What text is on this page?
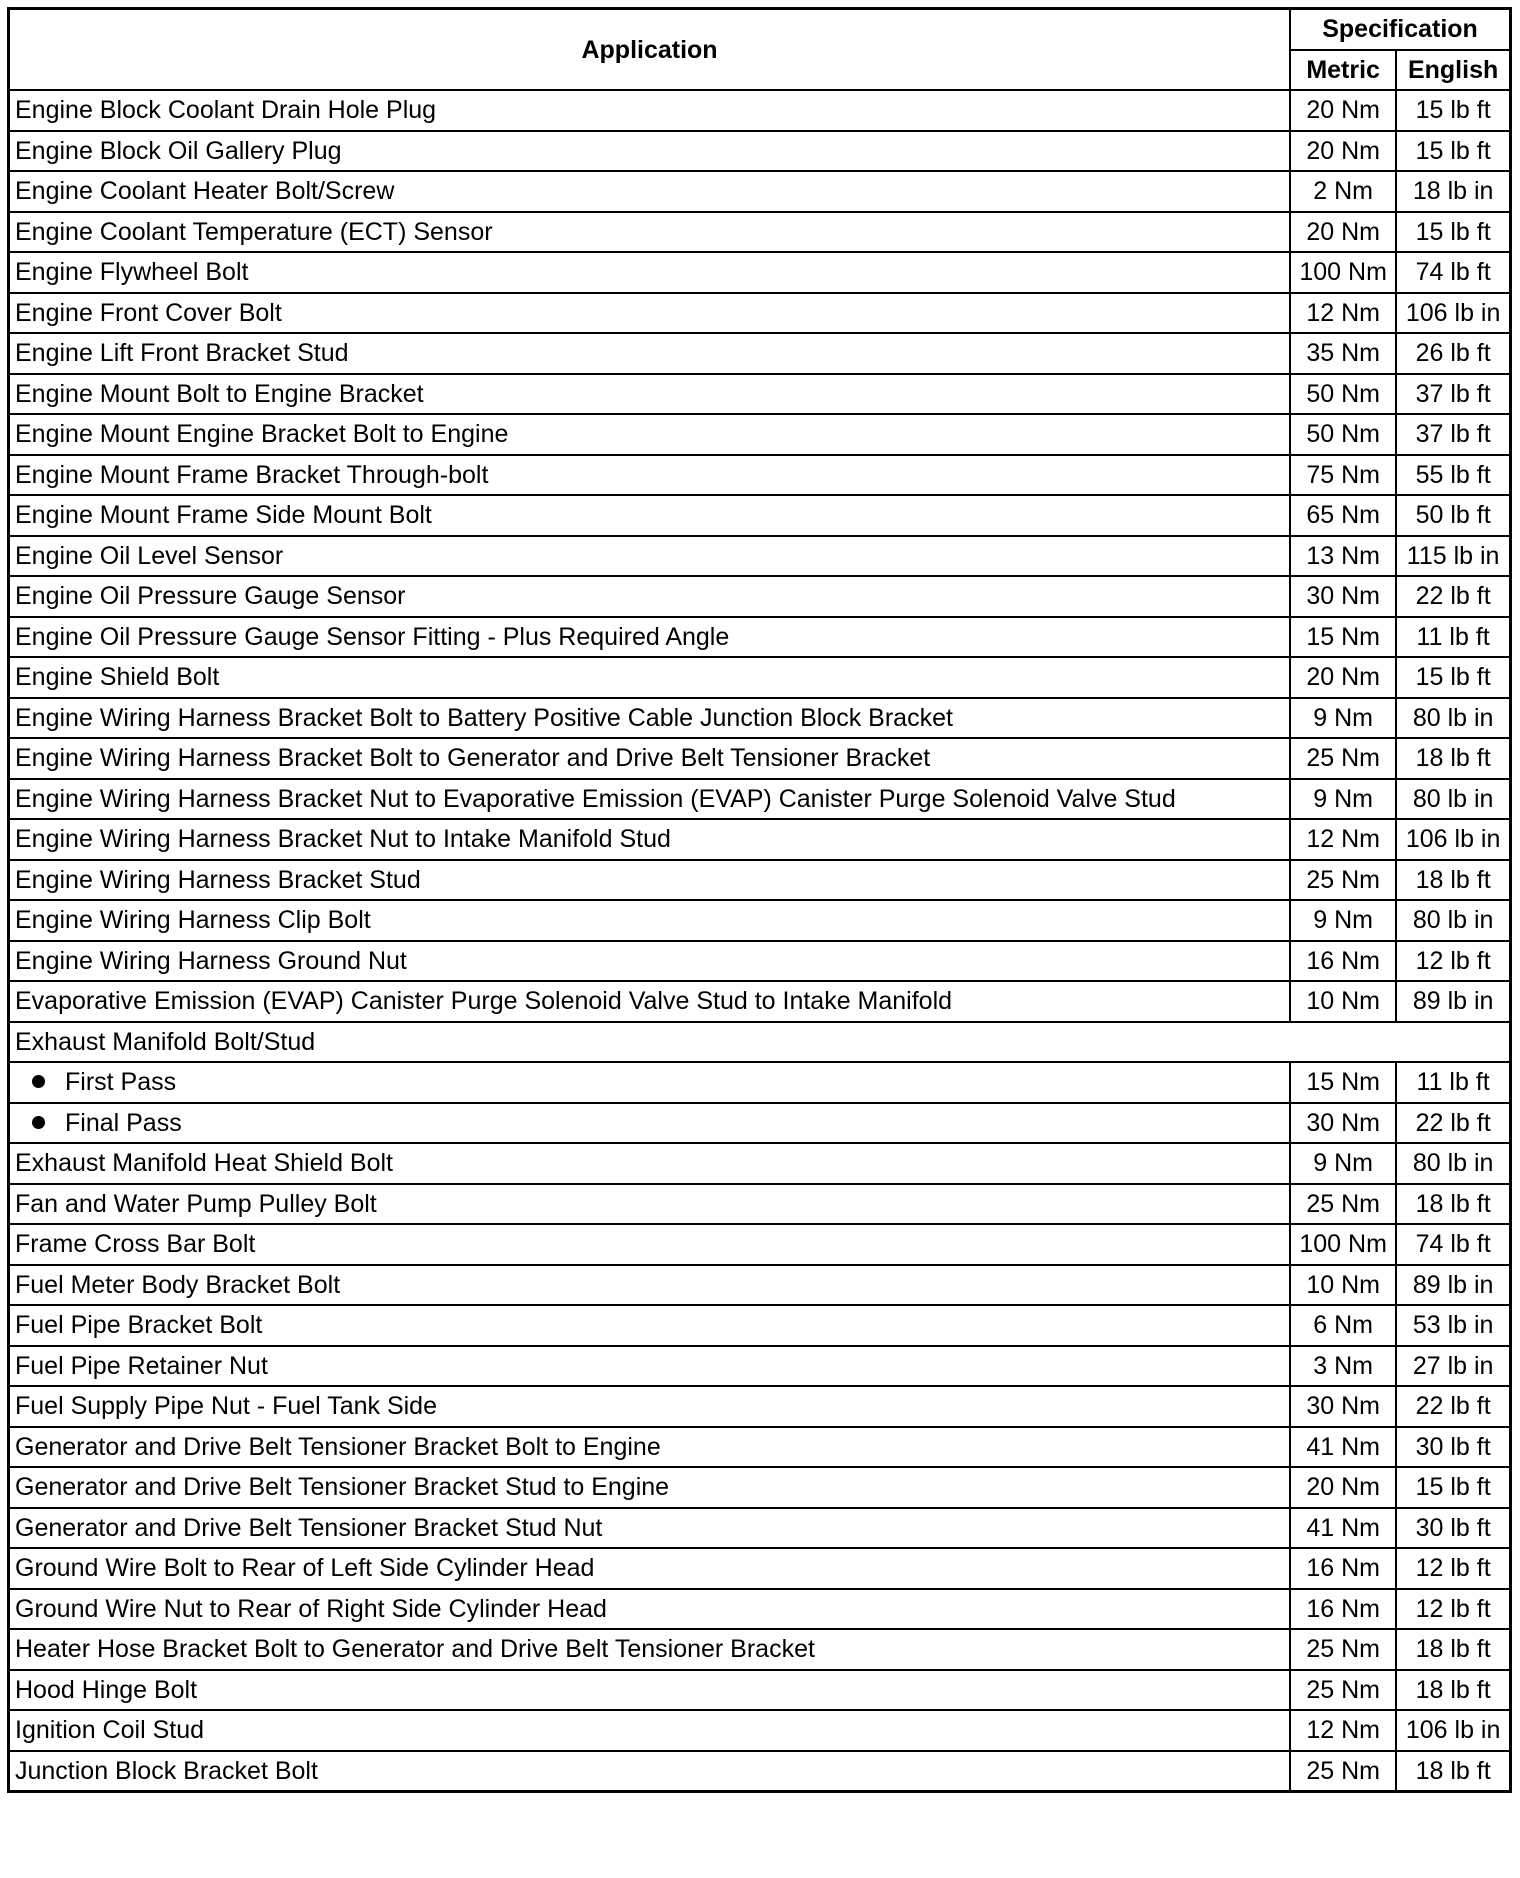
Application	Specification	
	Metric	English
Engine Block Coolant Drain Hole Plug	20 Nm	15 lb ft
Engine Block Oil Gallery Plug	20 Nm	15 lb ft
Engine Coolant Heater Bolt/Screw	2 Nm	18 lb in
Engine Coolant Temperature (ECT) Sensor	20 Nm	15 lb ft
Engine Flywheel Bolt	100 Nm	74 lb ft
Engine Front Cover Bolt	12 Nm	106 lb in
Engine Lift Front Bracket Stud	35 Nm	26 lb ft
Engine Mount Bolt to Engine Bracket	50 Nm	37 lb ft
Engine Mount Engine Bracket Bolt to Engine	50 Nm	37 lb ft
Engine Mount Frame Bracket Through-bolt	75 Nm	55 lb ft
Engine Mount Frame Side Mount Bolt	65 Nm	50 lb ft
Engine Oil Level Sensor	13 Nm	115 lb in
Engine Oil Pressure Gauge Sensor	30 Nm	22 lb ft
Engine Oil Pressure Gauge Sensor Fitting - Plus Required Angle	15 Nm	11 lb ft
Engine Shield Bolt	20 Nm	15 lb ft
Engine Wiring Harness Bracket Bolt to Battery Positive Cable Junction Block Bracket	9 Nm	80 lb in
Engine Wiring Harness Bracket Bolt to Generator and Drive Belt Tensioner Bracket	25 Nm	18 lb ft
Engine Wiring Harness Bracket Nut to Evaporative Emission (EVAP) Canister Purge Solenoid Valve Stud	9 Nm	80 lb in
Engine Wiring Harness Bracket Nut to Intake Manifold Stud	12 Nm	106 lb in
Engine Wiring Harness Bracket Stud	25 Nm	18 lb ft
Engine Wiring Harness Clip Bolt	9 Nm	80 lb in
Engine Wiring Harness Ground Nut	16 Nm	12 lb ft
Evaporative Emission (EVAP) Canister Purge Solenoid Valve Stud to Intake Manifold	10 Nm	89 lb in
Exhaust Manifold Bolt/Stud		
First Pass	15 Nm	11 lb ft
Final Pass	30 Nm	22 lb ft
Exhaust Manifold Heat Shield Bolt	9 Nm	80 lb in
Fan and Water Pump Pulley Bolt	25 Nm	18 lb ft
Frame Cross Bar Bolt	100 Nm	74 lb ft
Fuel Meter Body Bracket Bolt	10 Nm	89 lb in
Fuel Pipe Bracket Bolt	6 Nm	53 lb in
Fuel Pipe Retainer Nut	3 Nm	27 lb in
Fuel Supply Pipe Nut - Fuel Tank Side	30 Nm	22 lb ft
Generator and Drive Belt Tensioner Bracket Bolt to Engine	41 Nm	30 lb ft
Generator and Drive Belt Tensioner Bracket Stud to Engine	20 Nm	15 lb ft
Generator and Drive Belt Tensioner Bracket Stud Nut	41 Nm	30 lb ft
Ground Wire Bolt to Rear of Left Side Cylinder Head	16 Nm	12 lb ft
Ground Wire Nut to Rear of Right Side Cylinder Head	16 Nm	12 lb ft
Heater Hose Bracket Bolt to Generator and Drive Belt Tensioner Bracket	25 Nm	18 lb ft
Hood Hinge Bolt	25 Nm	18 lb ft
Ignition Coil Stud	12 Nm	106 lb in
Junction Block Bracket Bolt	25 Nm	18 lb ft
